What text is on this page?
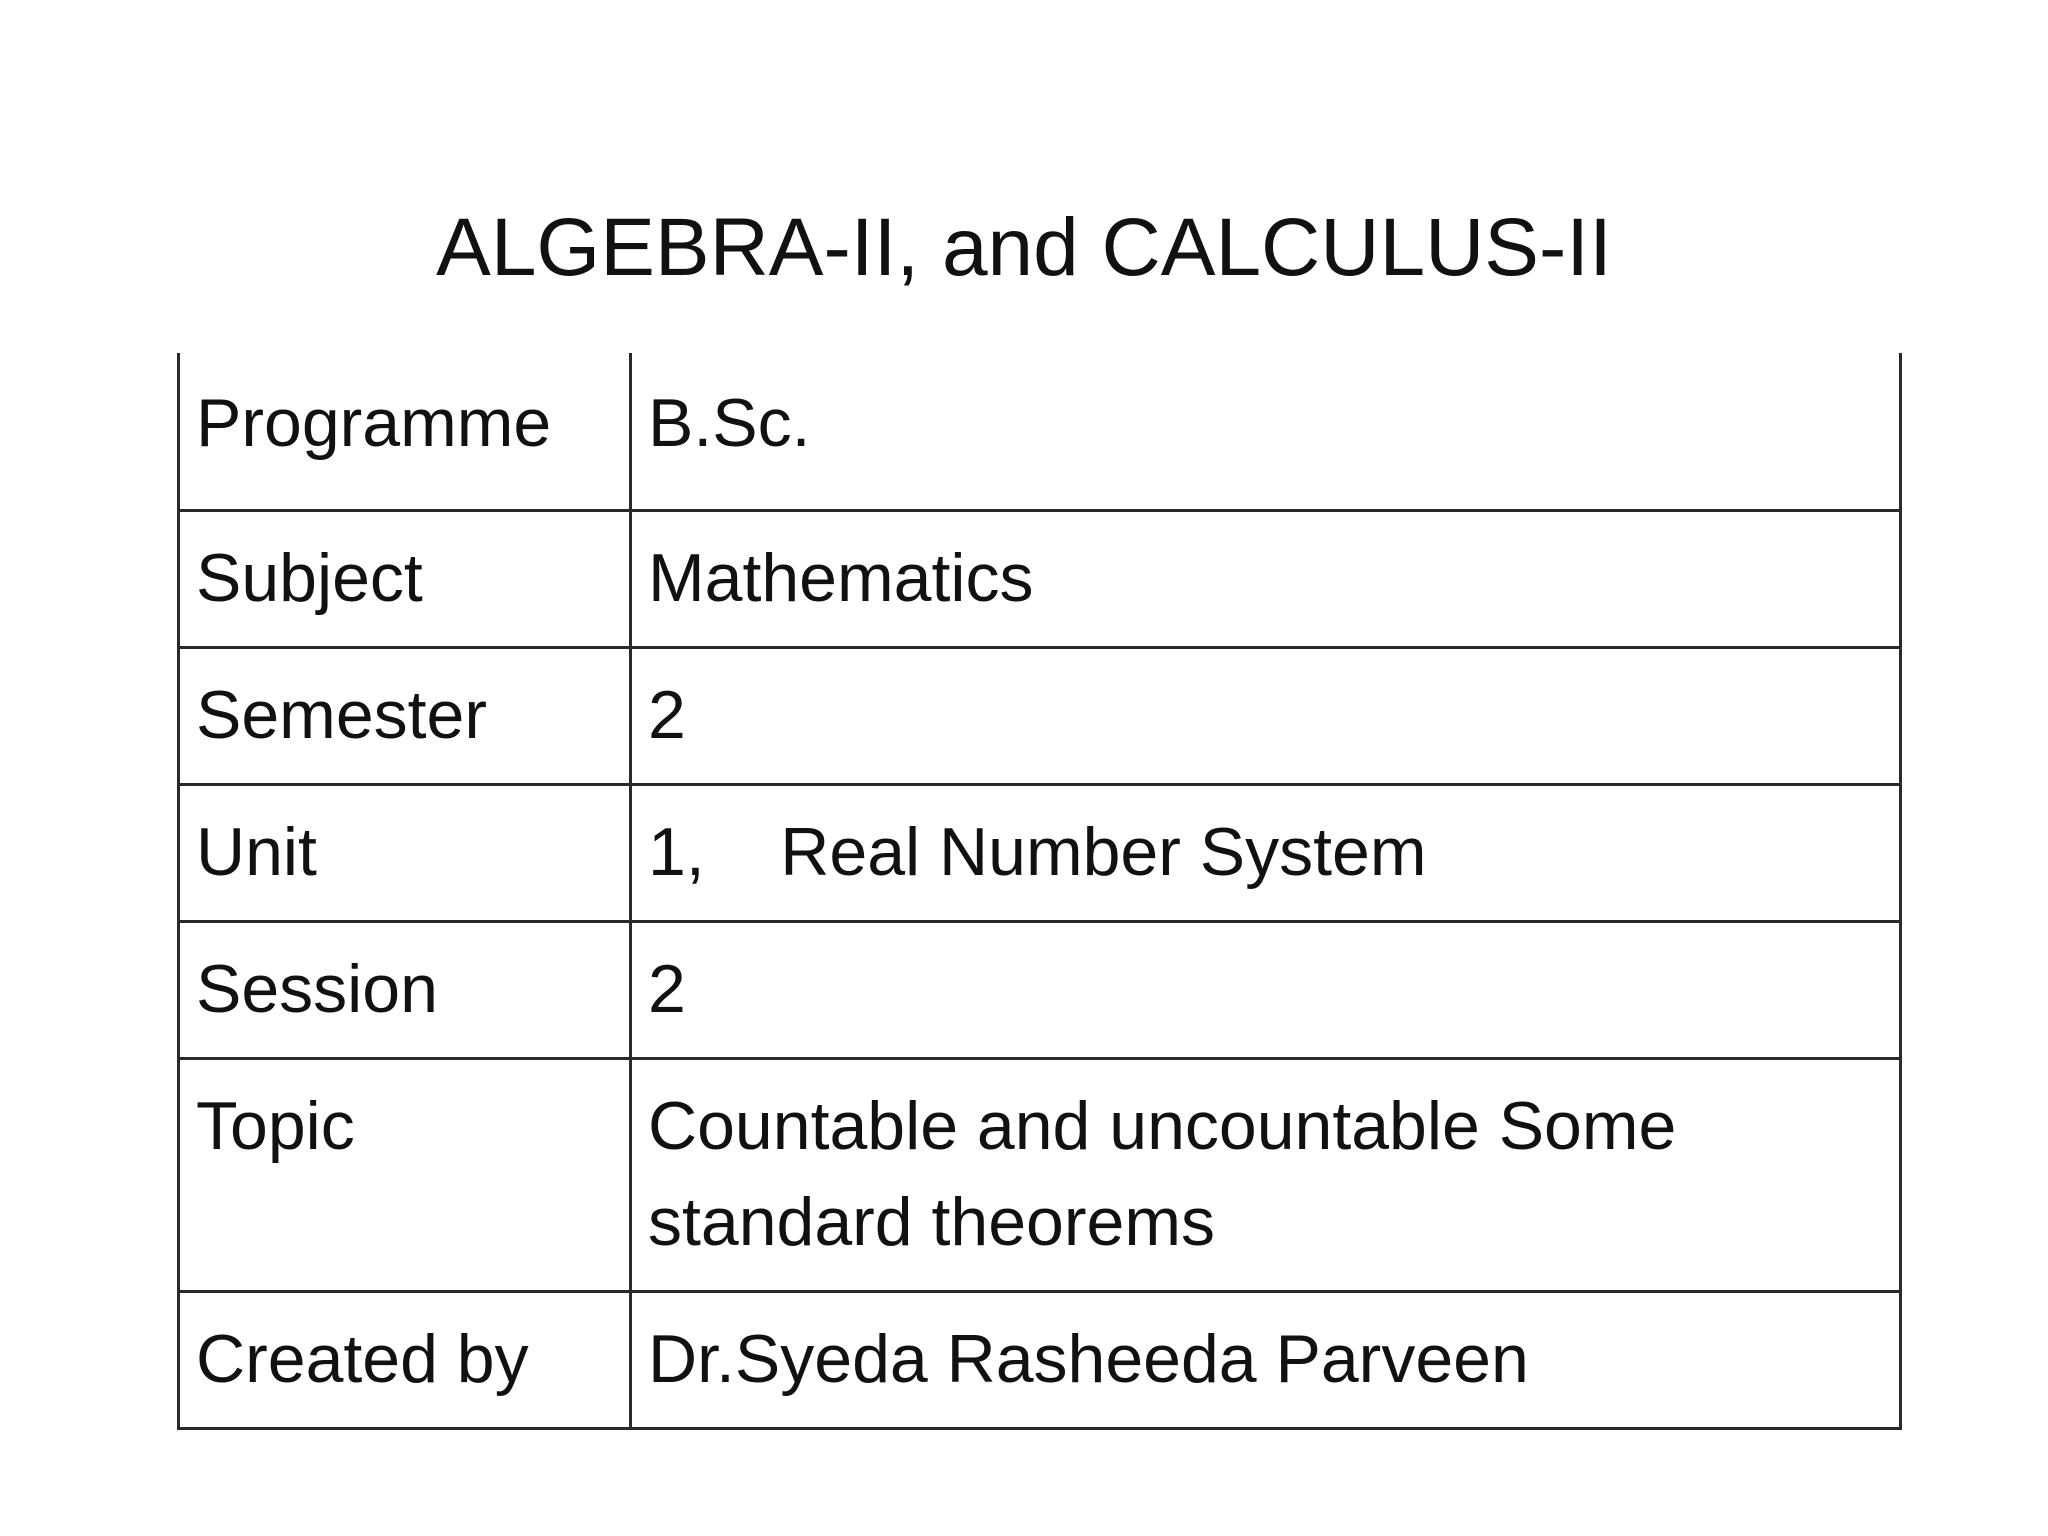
ALGEBRA-II, and CALCULUS-II
Programme	B.Sc.
Subject	Mathematics
Semester	2
Unit	1,    Real Number System
Session	2
Topic	Countable and uncountable Some standard theorems
Created by	Dr.Syeda Rasheeda Parveen
